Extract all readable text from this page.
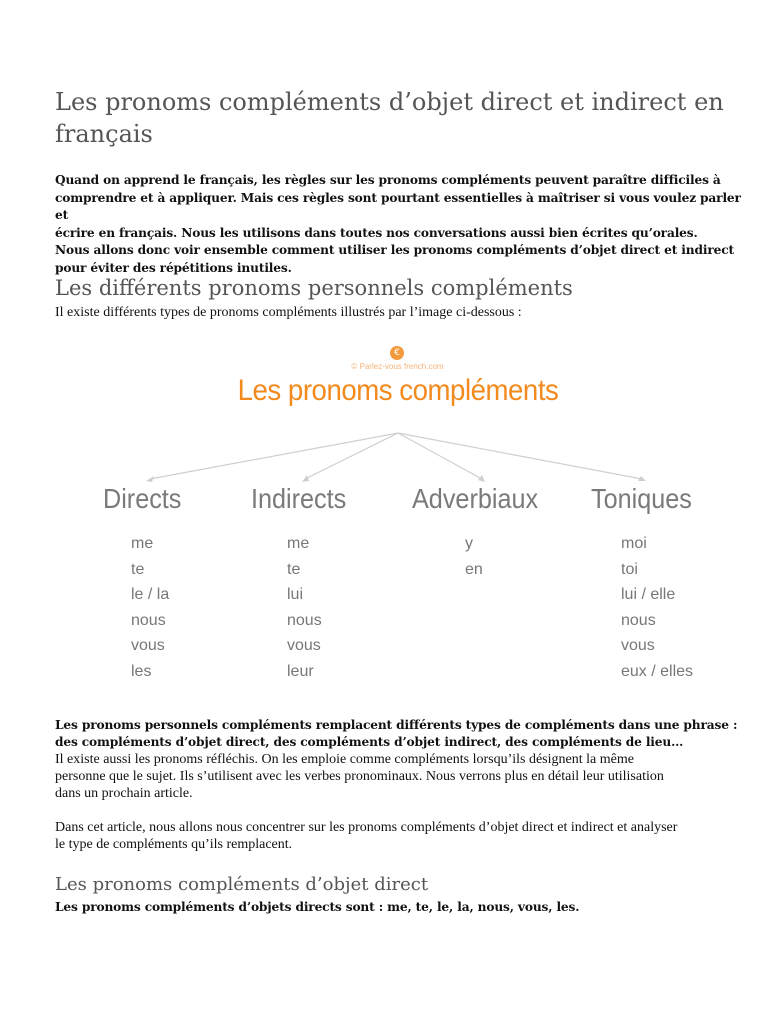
Les pronoms compléments d’objet direct et indirect en français

Quand on apprend le français, les règles sur les pronoms compléments peuvent paraître difficiles à
comprendre et à appliquer. Mais ces règles sont pourtant essentielles à maîtriser si vous voulez parler et
écrire en français. Nous les utilisons dans toutes nos conversations aussi bien écrites qu’orales.
Nous allons donc voir ensemble comment utiliser les pronoms compléments d’objet direct et indirect
pour éviter des répétitions inutiles.

Les différents pronoms personnels compléments

Il existe différents types de pronoms compléments illustrés par l’image ci-dessous :

Les pronoms personnels compléments remplacent différents types de compléments dans une phrase :
des compléments d’objet direct, des compléments d’objet indirect, des compléments de lieu…

Il existe aussi les pronoms réfléchis. On les emploie comme compléments lorsqu’ils désignent la même
personne que le sujet. Ils s’utilisent avec les verbes pronominaux. Nous verrons plus en détail leur utilisation
dans un prochain article.

Dans cet article, nous allons nous concentrer sur les pronoms compléments d’objet direct et indirect et analyser
le type de compléments qu’ils remplacent.

Les pronoms compléments d’objet direct

Les pronoms compléments d’objets directs sont : me, te, le, la, nous, vous, les.

€
© Parlez-vous french.com
Les pronoms compléments
Directs Indirects Adverbiaux Toniques
me
te
le / la
nous
vous
les
me
te
lui
nous
vous
leur
y
en
moi
toi
lui / elle
nous
vous
eux / elles
